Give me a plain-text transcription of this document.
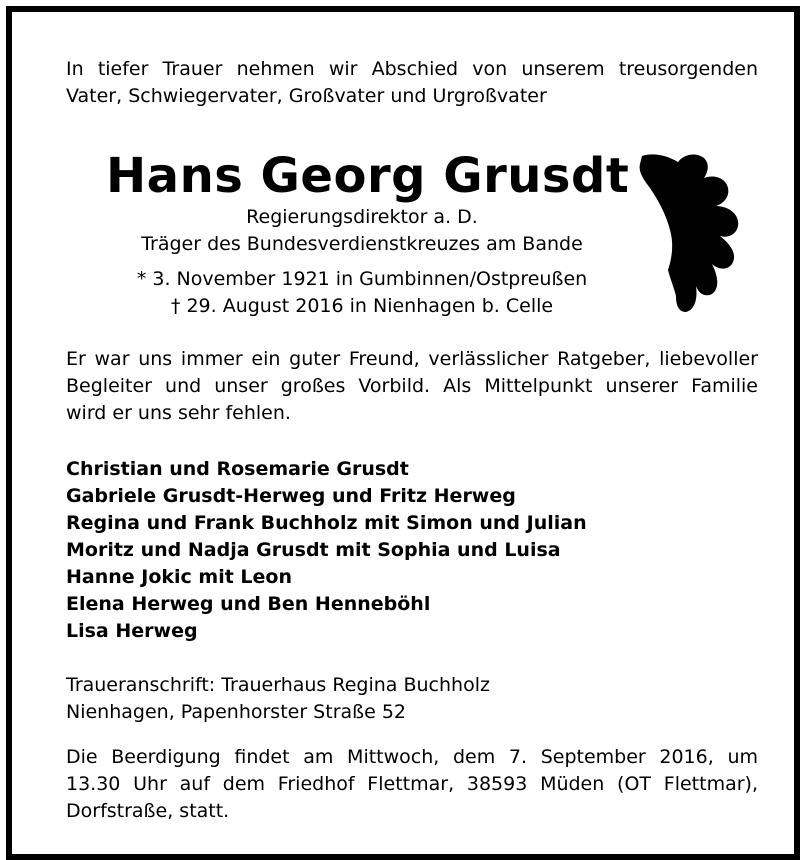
In tiefer Trauer nehmen wir Abschied von unserem treusorgenden
Vater, Schwiegervater, Großvater und Urgroßvater
Hans Georg Grusdt
Regierungsdirektor a. D.
Träger des Bundesverdienstkreuzes am Bande
* 3. November 1921 in Gumbinnen/Ostpreußen
† 29. August 2016 in Nienhagen b. Celle
Er war uns immer ein guter Freund, verlässlicher Ratgeber, liebevoller
Begleiter und unser großes Vorbild. Als Mittelpunkt unserer Familie
wird er uns sehr fehlen.
Christian und Rosemarie Grusdt
Gabriele Grusdt-Herweg und Fritz Herweg
Regina und Frank Buchholz mit Simon und Julian
Moritz und Nadja Grusdt mit Sophia und Luisa
Hanne Jokic mit Leon
Elena Herweg und Ben Henneböhl
Lisa Herweg
Traueranschrift: Trauerhaus Regina Buchholz
Nienhagen, Papenhorster Straße 52
Die Beerdigung findet am Mittwoch, dem 7. September 2016, um
13.30 Uhr auf dem Friedhof Flettmar, 38593 Müden (OT Flettmar),
Dorfstraße, statt.
